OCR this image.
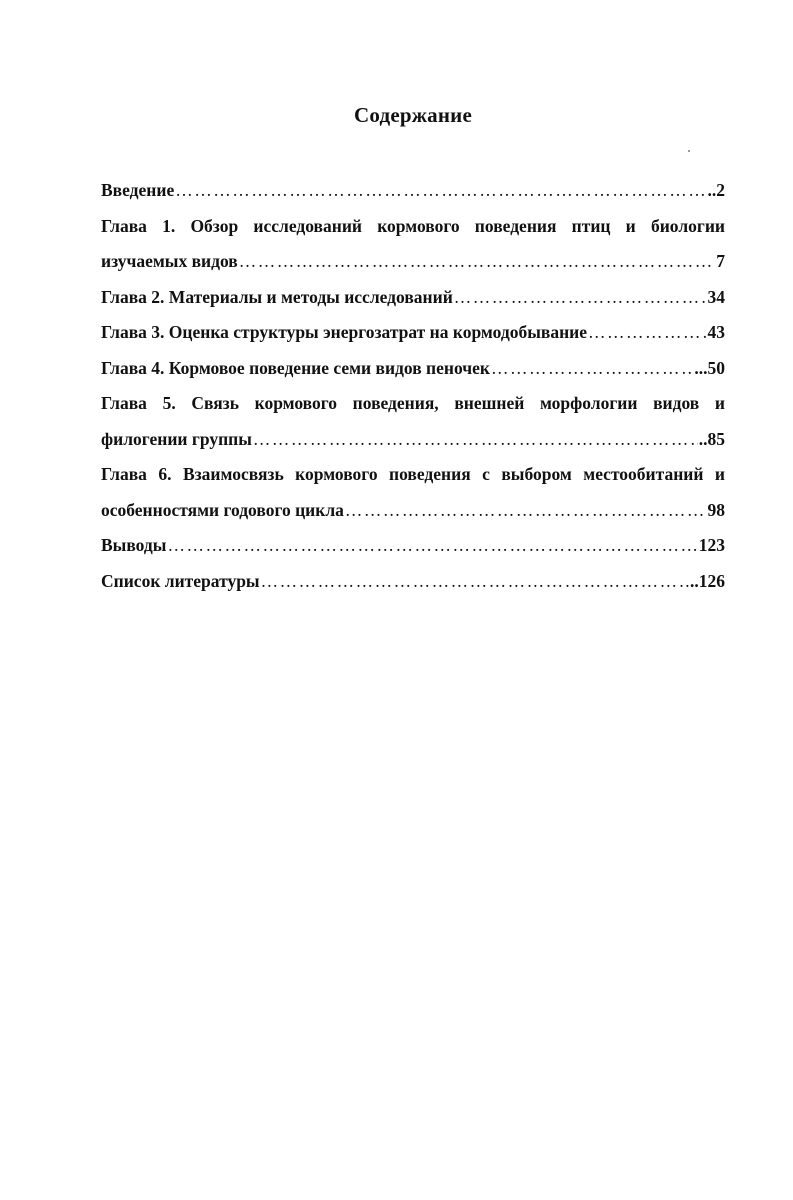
Содержание
Введение …………………………………………………………………………………………………………………………………………	..2
Глава 1. Обзор исследований кормового поведения птиц и биологии
изучаемых видов …………………………………………………………………………………………………………………………………………	7
Глава 2. Материалы и методы исследований …………………………………………………………………………………………………………………………………………	34
Глава 3. Оценка структуры энергозатрат на кормодобывание …………………………………………………………………………………………………………………………………………	43
Глава 4. Кормовое поведение семи видов пеночек …………………………………………………………………………………………………………………………………………	...50
Глава 5. Связь кормового поведения, внешней морфологии видов и
филогении группы …………………………………………………………………………………………………………………………………………	..85
Глава 6. Взаимосвязь кормового поведения с выбором местообитаний и
особенностями годового цикла …………………………………………………………………………………………………………………………………………	98
Выводы …………………………………………………………………………………………………………………………………………	123
Список литературы …………………………………………………………………………………………………………………………………………	..126
